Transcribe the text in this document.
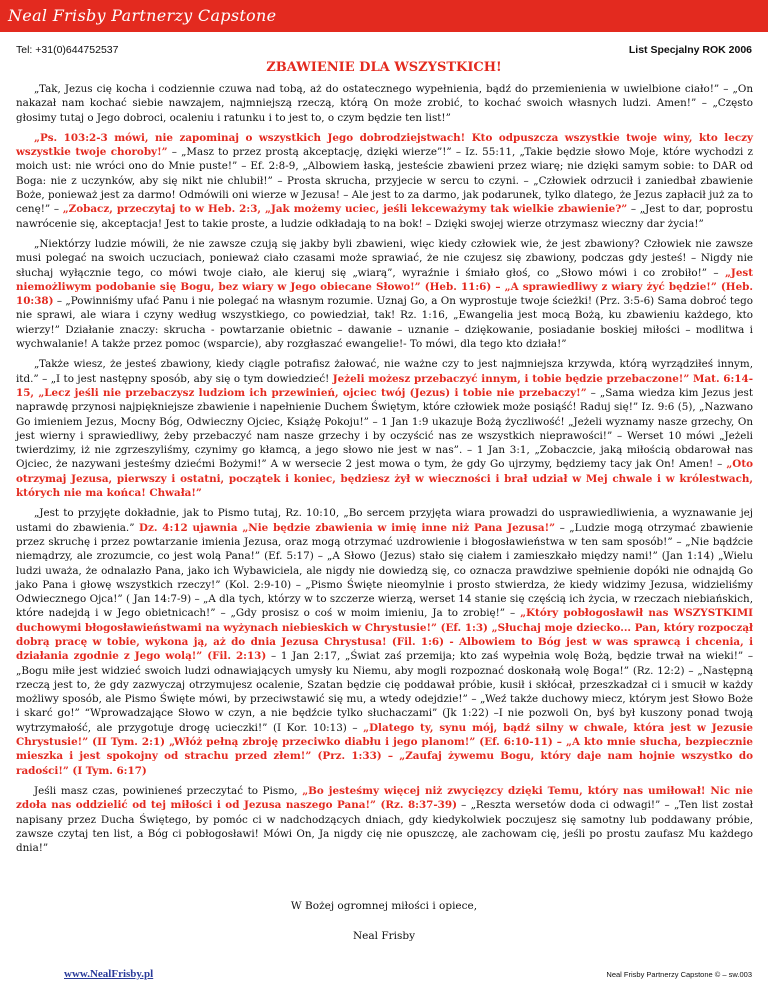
Neal Frisby Partnerzy Capstone
Tel: +31(0)644752537	List Specjalny ROK 2006
ZBAWIENIE DLA WSZYSTKICH!

„Tak, Jezus cię kocha i codziennie czuwa nad tobą, aż do ostatecznego wypełnienia, bądź do przemienienia w uwielbione ciało!” – „On nakazał nam kochać siebie nawzajem, najmniejszą rzeczą, którą On może zrobić, to kochać swoich własnych ludzi. Amen!” – „Często głosimy tutaj o Jego dobroci, ocaleniu i ratunku i to jest to, o czym będzie ten list!”

„Ps. 103:2-3 mówi, nie zapominaj o wszystkich Jego dobrodziejstwach! Kto odpuszcza wszystkie twoje winy, kto leczy wszystkie twoje choroby!” – „Masz to przez prostą akceptację, dzięki wierze”!” – Iz. 55:11, „Takie będzie słowo Moje, które wychodzi z moich ust: nie wróci ono do Mnie puste!” – Ef. 2:8-9, „Albowiem łaską, jesteście zbawieni przez wiarę; nie dzięki samym sobie: to DAR od Boga: nie z uczynków, aby się nikt nie chlubił!” – Prosta skrucha, przyjecie w sercu to czyni. – „Człowiek odrzucił i zaniedbał zbawienie Boże, ponieważ jest za darmo! Odmówili oni wierze w Jezusa! – Ale jest to za darmo, jak podarunek, tylko dlatego, że Jezus zapłacił już za to cenę!” – „Zobacz, przeczytaj to w Heb. 2:3, „Jak możemy uciec, jeśli lekceważymy tak wielkie zbawienie?” – „Jest to dar, poprostu nawrócenie się, akceptacja! Jest to takie proste, a ludzie odkładają to na bok! – Dzięki swojej wierze otrzymasz wieczny dar życia!”

„Niektórzy ludzie mówili, że nie zawsze czują się jakby byli zbawieni, więc kiedy człowiek wie, że jest zbawiony? Człowiek nie zawsze musi polegać na swoich uczuciach, ponieważ ciało czasami może sprawiać, że nie czujesz się zbawiony, podczas gdy jesteś! – Nigdy nie słuchaj wyłącznie tego, co mówi twoje ciało, ale kieruj się „wiarą”, wyraźnie i śmiało głoś, co „Słowo mówi i co zrobiło!” – „Jest niemożliwym podobanie się Bogu, bez wiary w Jego obiecane Słowo!” (Heb. 11:6) – „A sprawiedliwy z wiary żyć będzie!” (Heb. 10:38) – „Powinniśmy ufać Panu i nie polegać na własnym rozumie. Uznaj Go, a On wyprostuje twoje ścieżki! (Prz. 3:5-6) Sama dobroć tego nie sprawi, ale wiara i czyny według wszystkiego, co powiedział, tak! Rz. 1:16, „Ewangelia jest mocą Bożą, ku zbawieniu każdego, kto wierzy!” Działanie znaczy: skrucha - powtarzanie obietnic – dawanie – uznanie – dziękowanie, posiadanie boskiej miłości – modlitwa i wychwalanie! A także przez pomoc (wsparcie), aby rozgłaszać ewangelie!- To mówi, dla tego kto działa!”

„Także wiesz, że jesteś zbawiony, kiedy ciągle potrafisz żałować, nie ważne czy to jest najmniejsza krzywda, którą wyrządziłeś innym, itd.” – „I to jest następny sposób, aby się o tym dowiedzieć! Jeżeli możesz przebaczyć innym, i tobie będzie przebaczone!” Mat. 6:14-15, „Lecz jeśli nie przebaczysz ludziom ich przewinień, ojciec twój (Jezus) i tobie nie przebaczy!” – „Sama wiedza kim Jezus jest naprawdę przynosi najpiękniejsze zbawienie i napełnienie Duchem Świętym, które człowiek może posiąść! Raduj się!” Iz. 9:6 (5), „Nazwano Go imieniem Jezus, Mocny Bóg, Odwieczny Ojciec, Książę Pokoju!” – 1 Jan 1:9 ukazuje Bożą życzliwość! „Jeżeli wyznamy nasze grzechy, On jest wierny i sprawiedliwy, żeby przebaczyć nam nasze grzechy i by oczyścić nas ze wszystkich nieprawości!” – Werset 10 mówi „Jeżeli twierdzimy, iż nie zgrzeszyliśmy, czynimy go kłamcą, a jego słowo nie jest w nas”. – 1 Jan 3:1, „Zobaczcie, jaką miłością obdarował nas Ojciec, że nazywani jesteśmy dziećmi Bożymi!” A w wersecie 2 jest mowa o tym, że gdy Go ujrzymy, będziemy tacy jak On! Amen! – „Oto otrzymaj Jezusa, pierwszy i ostatni, początek i koniec, będziesz żył w wieczności i brał udział w Mej chwale i w królestwach, których nie ma końca! Chwała!”

„Jest to przyjęte dokładnie, jak to Pismo tutaj, Rz. 10:10, „Bo sercem przyjęta wiara prowadzi do usprawiedliwienia, a wyznawanie jej ustami do zbawienia.” Dz. 4:12 ujawnia „Nie będzie zbawienia w imię inne niż Pana Jezusa!” – „Ludzie mogą otrzymać zbawienie przez skruchę i przez powtarzanie imienia Jezusa, oraz mogą otrzymać uzdrowienie i błogosławieństwa w ten sam sposób!” – „Nie bądźcie niemądrzy, ale zrozumcie, co jest wolą Pana!” (Ef. 5:17) – „A Słowo (Jezus) stało się ciałem i zamieszkało między nami!” (Jan 1:14) „Wielu ludzi uważa, że odnalazło Pana, jako ich Wybawiciela, ale nigdy nie dowiedzą się, co oznacza prawdziwe spełnienie dopóki nie odnajdą Go jako Pana i głowę wszystkich rzeczy!” (Kol. 2:9-10) – „Pismo Święte nieomylnie i prosto stwierdza, że kiedy widzimy Jezusa, widzieliśmy Odwiecznego Ojca!” ( Jan 14:7-9) – „A dla tych, którzy w to szczerze wierzą, werset 14 stanie się częścią ich życia, w rzeczach niebiańskich, które nadejdą i w Jego obietnicach!” – „Gdy prosisz o coś w moim imieniu, Ja to zrobię!” – „Który pobłogosławił nas WSZYSTKIMI duchowymi błogosławieństwami na wyżynach niebieskich w Chrystusie!” (Ef. 1:3) „Słuchaj moje dziecko... Pan, który rozpoczął dobrą pracę w tobie, wykona ją, aż do dnia Jezusa Chrystusa! (Fil. 1:6) - Albowiem to Bóg jest w was sprawcą i chcenia, i działania zgodnie z Jego wolą!” (Fil. 2:13) – 1 Jan 2:17, „Świat zaś przemija; kto zaś wypełnia wolę Bożą, będzie trwał na wieki!” – „Bogu miłe jest widzieć swoich ludzi odnawiających umysły ku Niemu, aby mogli rozpoznać doskonałą wolę Boga!” (Rz. 12:2) – „Następną rzeczą jest to, że gdy zazwyczaj otrzymujesz ocalenie, Szatan będzie cię poddawał próbie, kusił i skłócał, przeszkadzał ci i smucił w każdy możliwy sposób, ale Pismo Święte mówi, by przeciwstawić się mu, a wtedy odejdzie!” – „Weź także duchowy miecz, którym jest Słowo Boże i skarć go!” “Wprowadzające Słowo w czyn, a nie będźcie tylko słuchaczami” (Jk 1:22) –I nie pozwoli On, byś był kuszony ponad twoją wytrzymałość, ale przygotuje drogę ucieczki!” (I Kor. 10:13) – „Dlatego ty, synu mój, bądź silny w chwale, która jest w Jezusie Chrystusie!” (II Tym. 2:1) „Włóż pełną zbroję przeciwko diabłu i jego planom!” (Ef. 6:10-11) – „A kto mnie słucha, bezpiecznie mieszka i jest spokojny od strachu przed złem!” (Prz. 1:33) – „Zaufaj żywemu Bogu, który daje nam hojnie wszystko do radości!” (I Tym. 6:17)

Jeśli masz czas, powinieneś przeczytać to Pismo, „Bo jesteśmy więcej niż zwycięzcy dzięki Temu, który nas umiłował! Nic nie zdoła nas oddzielić od tej miłości i od Jezusa naszego Pana!” (Rz. 8:37-39) – „Reszta wersetów doda ci odwagi!” – „Ten list został napisany przez Ducha Świętego, by pomóc ci w nadchodzących dniach, gdy kiedykolwiek poczujesz się samotny lub poddawany próbie, zawsze czytaj ten list, a Bóg ci pobłogosławi! Mówi On, Ja nigdy cię nie opuszczę, ale zachowam cię, jeśli po prostu zaufasz Mu każdego dnia!”

W Bożej ogromnej miłości i opiece,
Neal Frisby
www.NealFrisby.pl	Neal Frisby Partnerzy Capstone © – sw.003
